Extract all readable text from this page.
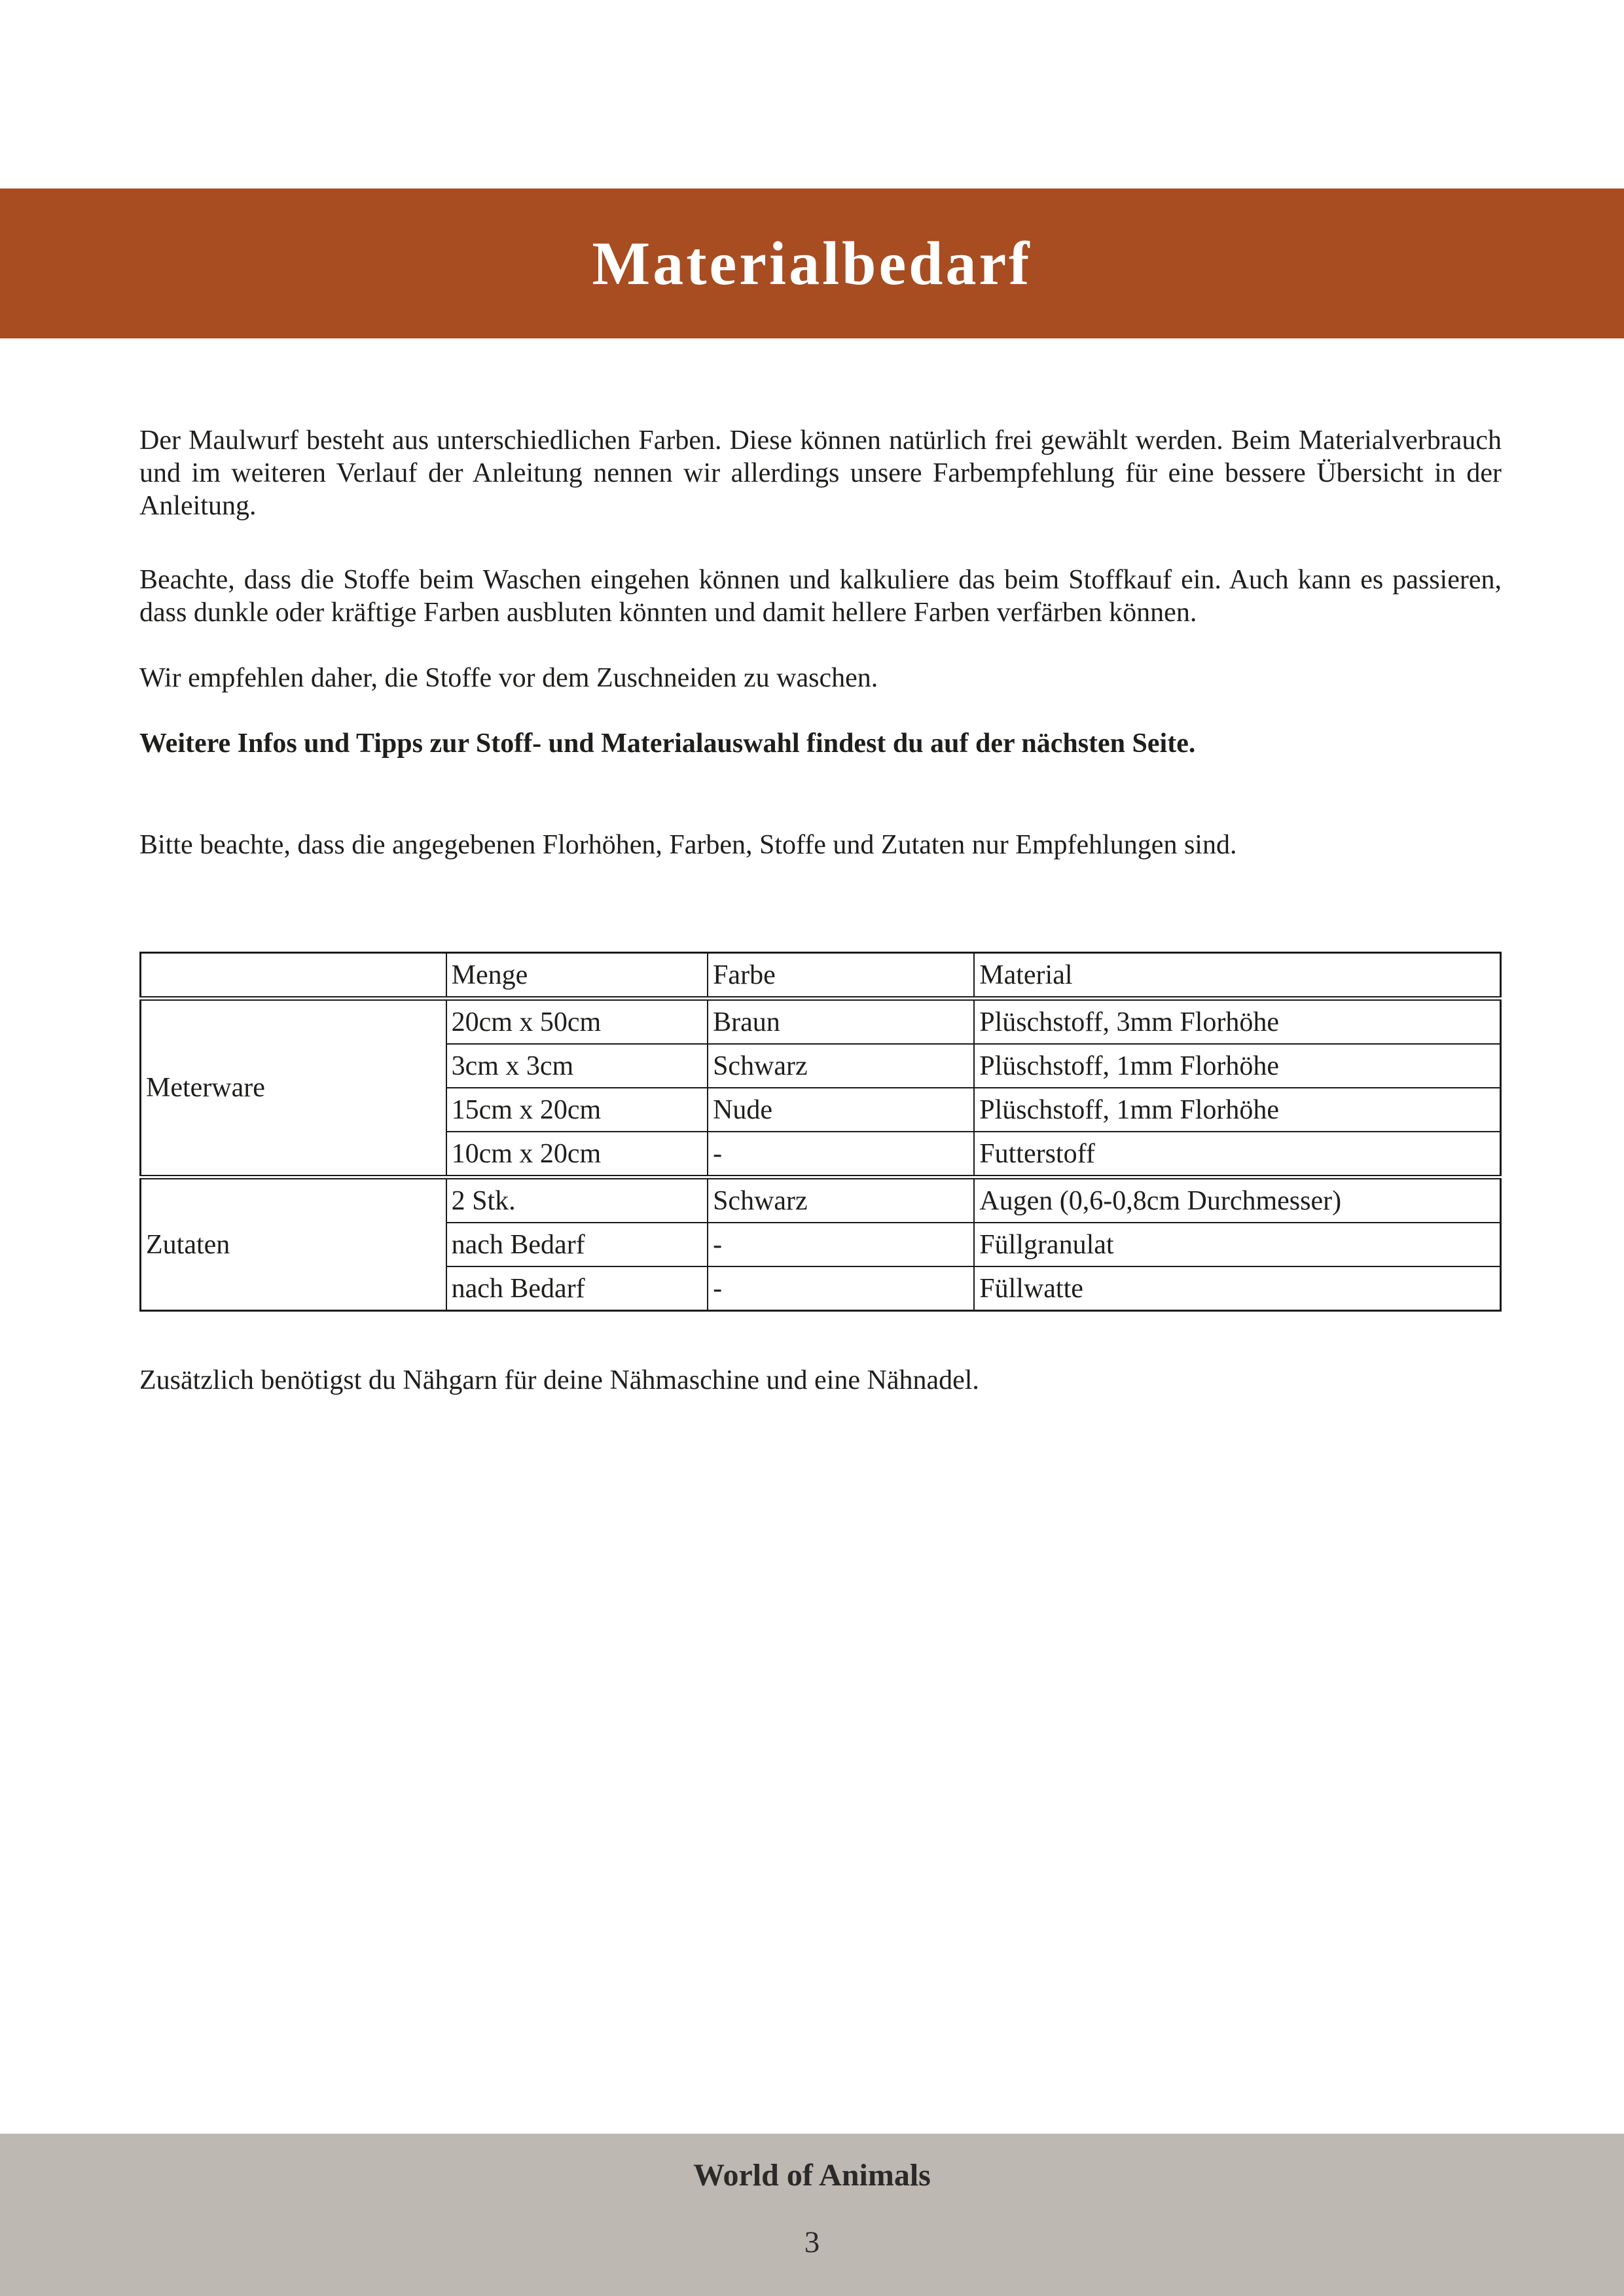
Materialbedarf

Der Maulwurf besteht aus unterschiedlichen Farben. Diese können natürlich frei gewählt werden. Beim Materialverbrauch und im weiteren Verlauf der Anleitung nennen wir allerdings unsere Farbempfehlung für eine bessere Übersicht in der Anleitung.

Beachte, dass die Stoffe beim Waschen eingehen können und kalkuliere das beim Stoffkauf ein. Auch kann es passieren, dass dunkle oder kräftige Farben ausbluten könnten und damit hellere Farben verfärben können.

Wir empfehlen daher, die Stoffe vor dem Zuschneiden zu waschen.

Weitere Infos und Tipps zur Stoff- und Materialauswahl findest du auf der nächsten Seite.

Bitte beachte, dass die angegebenen Florhöhen, Farben, Stoffe und Zutaten nur Empfehlungen sind.

	Menge	Farbe	Material
Meterware	20cm x 50cm	Braun	Plüschstoff, 3mm Florhöhe
	3cm x 3cm	Schwarz	Plüschstoff, 1mm Florhöhe
	15cm x 20cm	Nude	Plüschstoff, 1mm Florhöhe
	10cm x 20cm	-	Futterstoff
Zutaten	2 Stk.	Schwarz	Augen (0,6-0,8cm Durchmesser)
	nach Bedarf	-	Füllgranulat
	nach Bedarf	-	Füllwatte

Zusätzlich benötigst du Nähgarn für deine Nähmaschine und eine Nähnadel.

World of Animals

3
